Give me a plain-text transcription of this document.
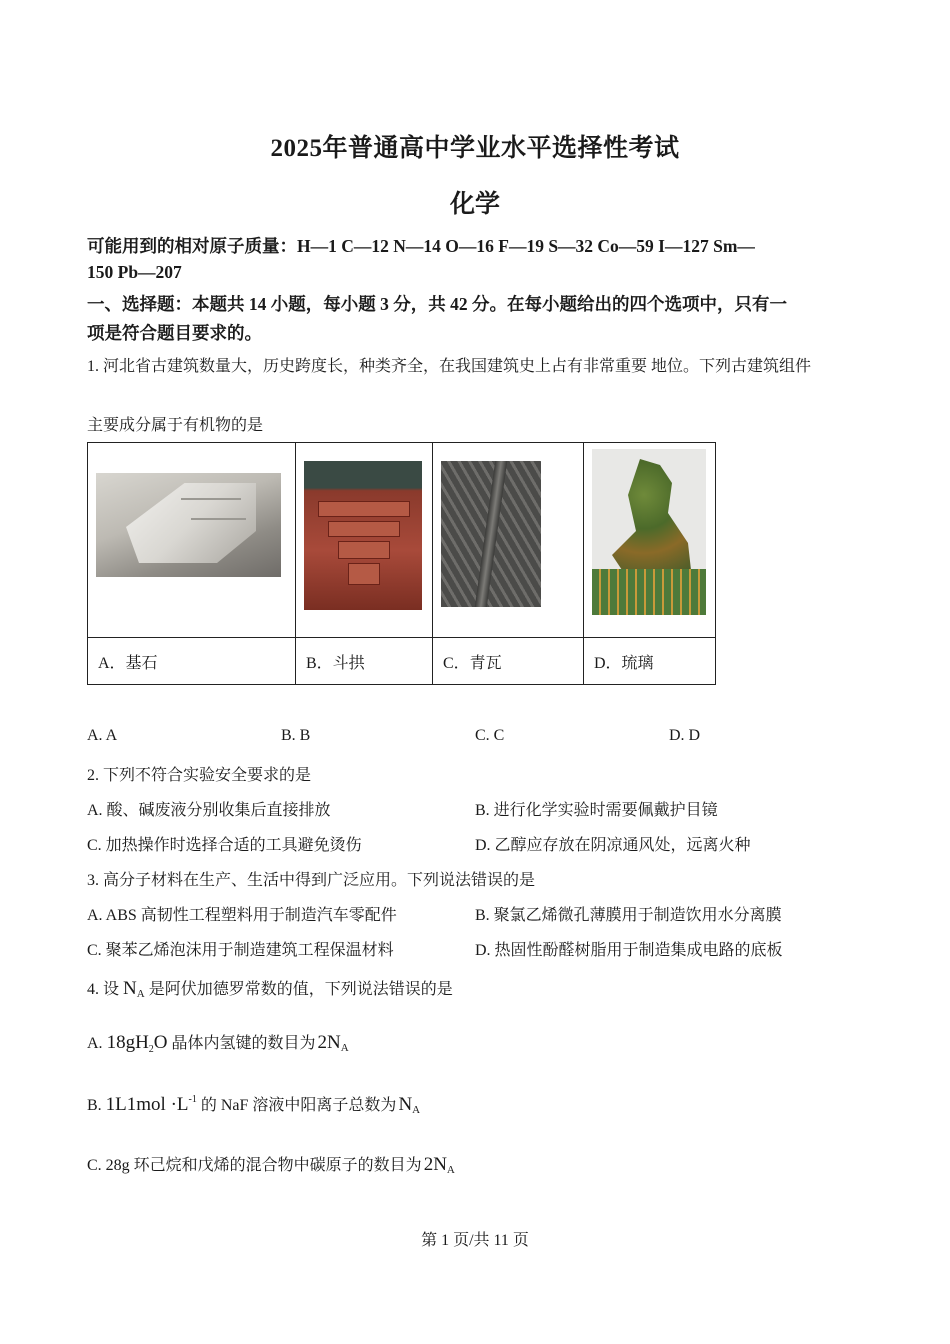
2025年普通高中学业水平选择性考试
化学
可能用到的相对原子质量：H—1 C—12 N—14 O—16 F—19 S—32 Co—59 I—127 Sm—
150 Pb—207
一、选择题：本题共 14 小题，每小题 3 分，共 42 分。在每小题给出的四个选项中，只有一
项是符合题目要求的。
1. 河北省古建筑数量大，历史跨度长，种类齐全，在我国建筑史上占有非常重要 地位。下列古建筑组件
主要成分属于有机物的是

A．基石	B．斗拱	C．青瓦	D．琉璃
A. A	B. B	C. C	D. D
2. 下列不符合实验安全要求的是
A. 酸、碱废液分别收集后直接排放	B. 进行化学实验时需要佩戴护目镜
C. 加热操作时选择合适的工具避免烫伤	D. 乙醇应存放在阴凉通风处，远离火种
3. 高分子材料在生产、生活中得到广泛应用。下列说法错误的是
A. ABS 高韧性工程塑料用于制造汽车零配件	B. 聚氯乙烯微孔薄膜用于制造饮用水分离膜
C. 聚苯乙烯泡沫用于制造建筑工程保温材料	D. 热固性酚醛树脂用于制造集成电路的底板
4. 设 NA 是阿伏加德罗常数的值，下列说法错误的是
A. $18gH_2O$ 晶体内氢键的数目为 2NA
B. $1L1mol \cdot L^{-1}$ 的 NaF 溶液中阳离子总数为 NA
C. 28g 环己烷和戊烯的混合物中碳原子的数目为 2NA
第 1 页/共 11 页
